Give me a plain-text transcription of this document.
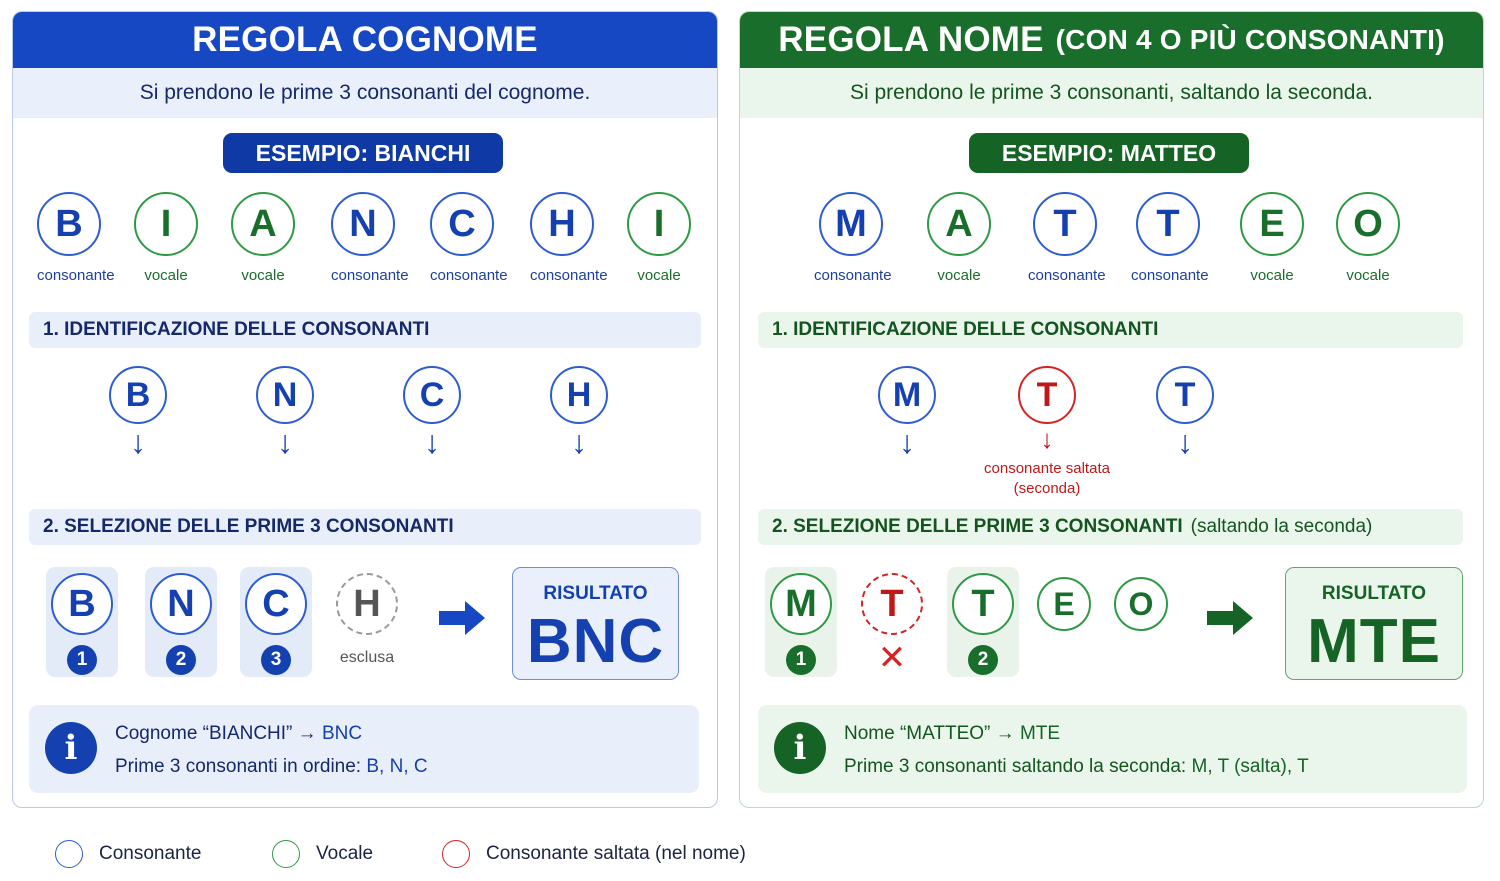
REGOLA COGNOME
Si prendono le prime 3 consonanti del cognome.
ESEMPIO: BIANCHI
B
consonante
I
vocale
A
vocale
N
consonante
C
consonante
H
consonante
I
vocale
1. IDENTIFICAZIONE DELLE CONSONANTI
B
↓
N
↓
C
↓
H
↓
2. SELEZIONE DELLE PRIME 3 CONSONANTI
B
1
N
2
C
3
H
esclusa
RISULTATO
BNC
i	Cognome “BIANCHI” → BNC
Prime 3 consonanti in ordine: B, N, C
REGOLA NOME (CON 4 O PIÙ CONSONANTI)
Si prendono le prime 3 consonanti, saltando la seconda.
ESEMPIO: MATTEO
M
consonante
A
vocale
T
consonante
T
consonante
E
vocale
O
vocale
1. IDENTIFICAZIONE DELLE CONSONANTI
M
↓
T
↓
consonante saltata
(seconda)
T
↓
2. SELEZIONE DELLE PRIME 3 CONSONANTI (saltando la seconda)
M
1
T
✕
T
2
E	O	RISULTATO
MTE
i	Nome “MATTEO” → MTE
Prime 3 consonanti saltando la seconda: M, T (salta), T
Consonante	Vocale	Consonante saltata (nel nome)
